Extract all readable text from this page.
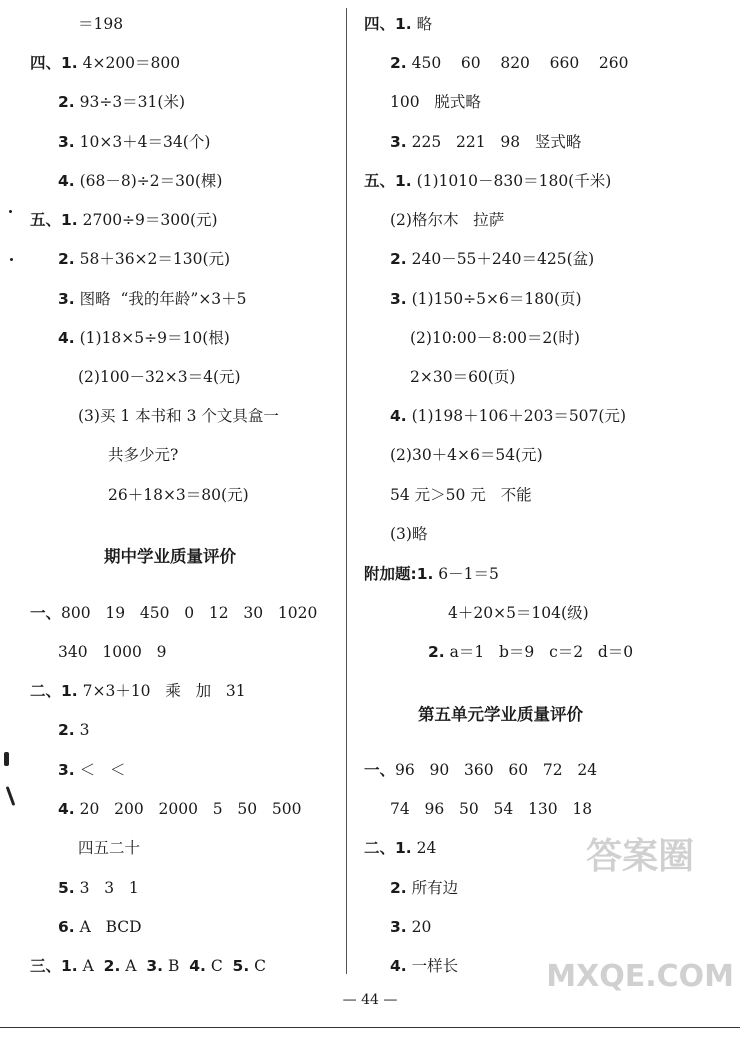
＝198
四、1. 4×200＝800
2. 93÷3＝31(米)
3. 10×3＋4＝34(个)
4. (68－8)÷2＝30(棵)
五、1. 2700÷9＝300(元)
2. 58＋36×2＝130(元)
3. 图略  “我的年龄”×3＋5
4. (1)18×5÷9＝10(根)
(2)100－32×3＝4(元)
(3)买 1 本书和 3 个文具盒一
共多少元?
26＋18×3＝80(元)
期中学业质量评价
一、800   19   450   0   12   30   1020
340   1000   9
二、1. 7×3＋10   乘   加   31
2. 3
3. ＜   ＜
4. 20   200   2000   5   50   500
四五二十
5. 3   3   1
6. A   BCD
三、1. A  2. A  3. B  4. C  5. C
四、1. 略
2. 450    60    820    660    260
100   脱式略
3. 225   221   98   竖式略
五、1. (1)1010－830＝180(千米)
(2)格尔木   拉萨
2. 240－55＋240＝425(盆)
3. (1)150÷5×6＝180(页)
(2)10:00－8:00＝2(时)
2×30＝60(页)
4. (1)198＋106＋203＝507(元)
(2)30＋4×6＝54(元)
54 元＞50 元   不能
(3)略
附加题:1. 6－1＝5
4＋20×5＝104(级)
2. a＝1   b＝9   c＝2   d＝0
第五单元学业质量评价
一、96   90   360   60   72   24
74   96   50   54   130   18
二、1. 24
2. 所有边
3. 20
4. 一样长
— 44 —

答案圈

MXQE.COM
